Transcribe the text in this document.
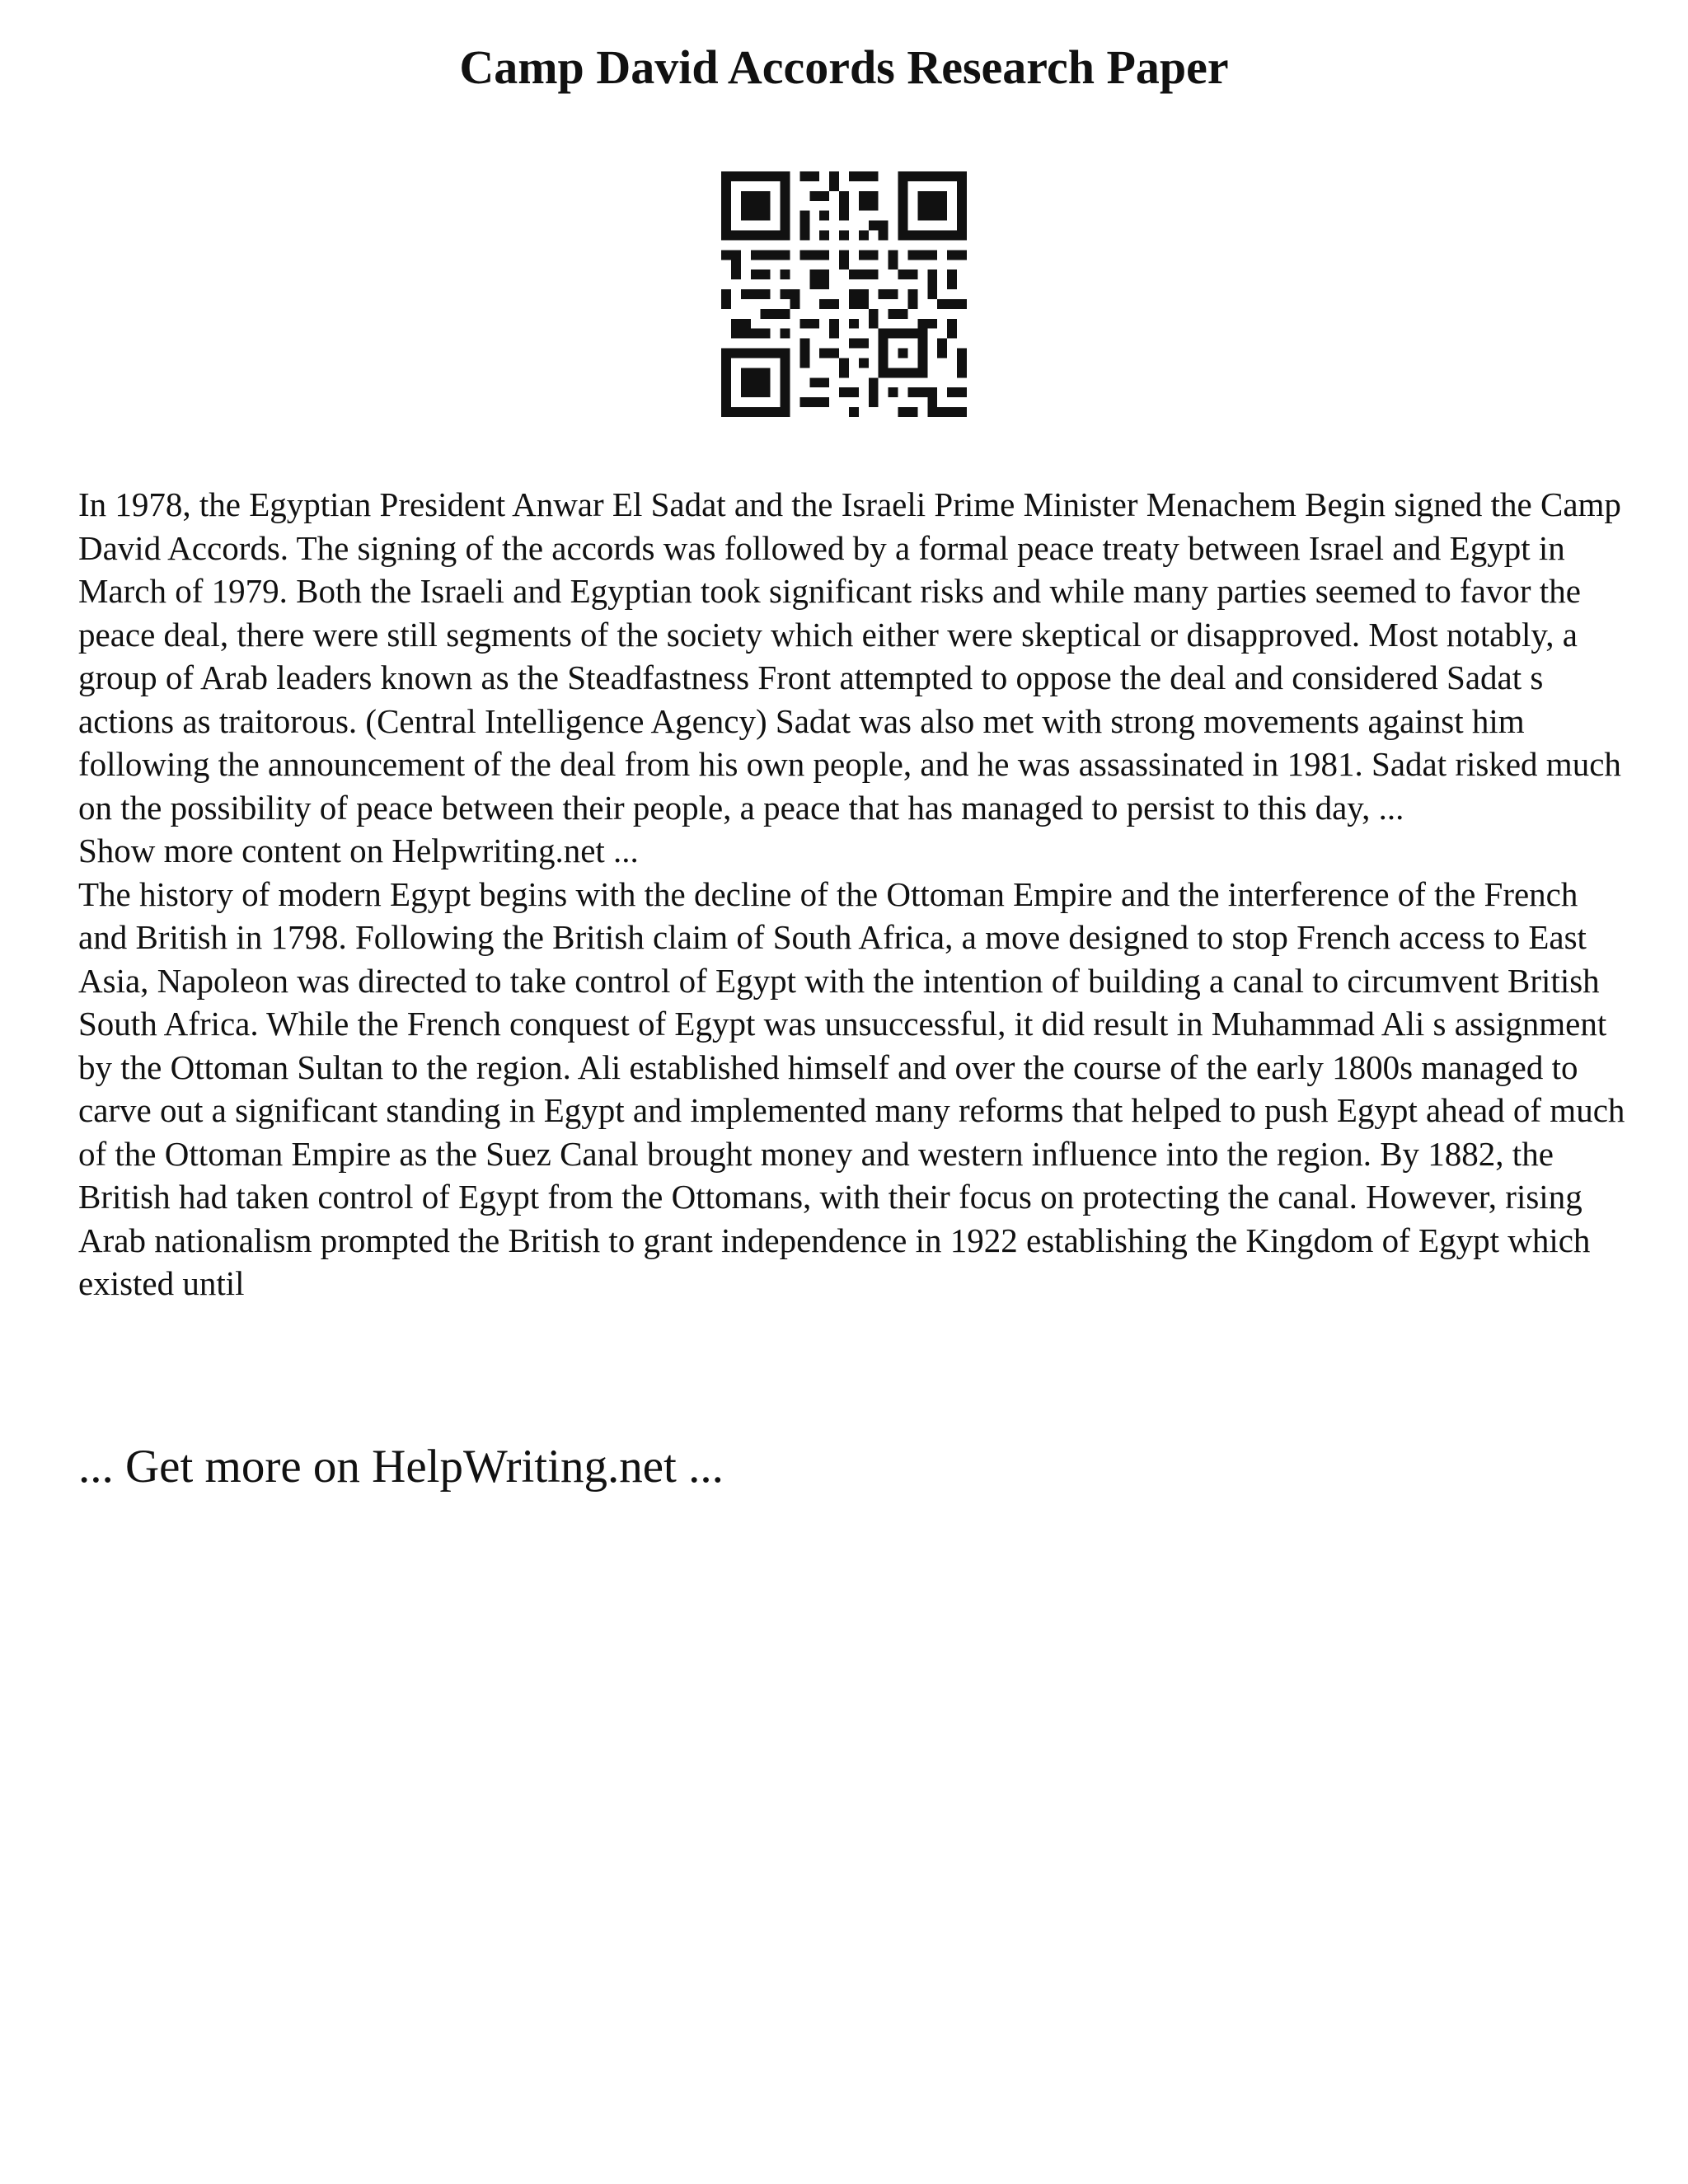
Camp David Accords Research Paper

In 1978, the Egyptian President Anwar El Sadat and the Israeli Prime Minister Menachem Begin signed the Camp David Accords. The signing of the accords was followed by a formal peace treaty between Israel and Egypt in March of 1979. Both the Israeli and Egyptian took significant risks and while many parties seemed to favor the peace deal, there were still segments of the society which either were skeptical or disapproved. Most notably, a group of Arab leaders known as the Steadfastness Front attempted to oppose the deal and considered Sadat s actions as traitorous. (Central Intelligence Agency) Sadat was also met with strong movements against him following the announcement of the deal from his own people, and he was assassinated in 1981. Sadat risked much on the possibility of peace between their people, a peace that has managed to persist to this day, ...

Show more content on Helpwriting.net ...

The history of modern Egypt begins with the decline of the Ottoman Empire and the interference of the French and British in 1798. Following the British claim of South Africa, a move designed to stop French access to East Asia, Napoleon was directed to take control of Egypt with the intention of building a canal to circumvent British South Africa. While the French conquest of Egypt was unsuccessful, it did result in Muhammad Ali s assignment by the Ottoman Sultan to the region. Ali established himself and over the course of the early 1800s managed to carve out a significant standing in Egypt and implemented many reforms that helped to push Egypt ahead of much of the Ottoman Empire as the Suez Canal brought money and western influence into the region. By 1882, the British had taken control of Egypt from the Ottomans, with their focus on protecting the canal. However, rising Arab nationalism prompted the British to grant independence in 1922 establishing the Kingdom of Egypt which existed until

... Get more on HelpWriting.net ...
